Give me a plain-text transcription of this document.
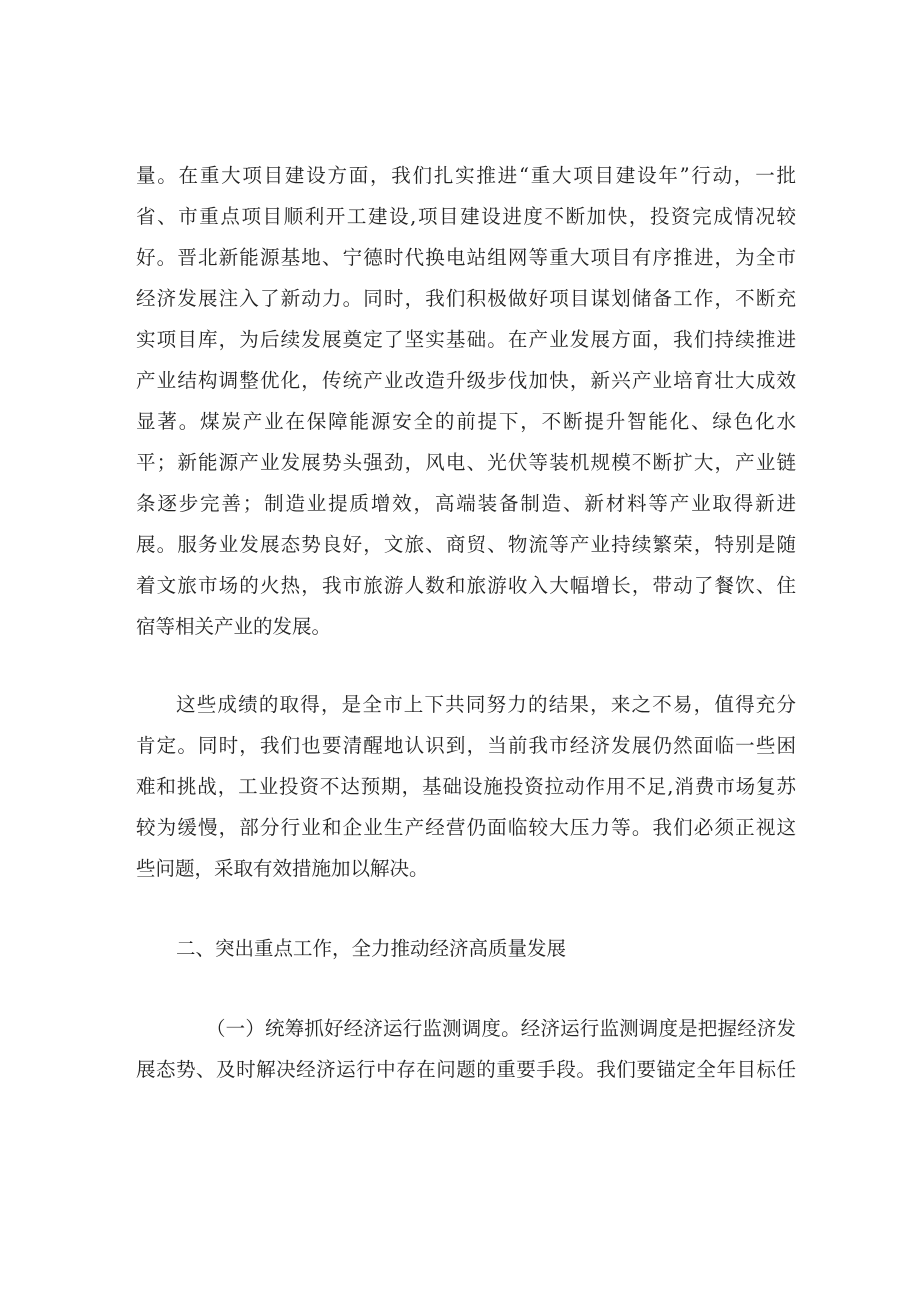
量。在重大项目建设方面，我们扎实推进“重大项目建设年”行动，一批
省、市重点项目顺利开工建设,项目建设进度不断加快，投资完成情况较
好。晋北新能源基地、宁德时代换电站组网等重大项目有序推进，为全市
经济发展注入了新动力。同时，我们积极做好项目谋划储备工作，不断充
实项目库，为后续发展奠定了坚实基础。在产业发展方面，我们持续推进
产业结构调整优化，传统产业改造升级步伐加快，新兴产业培育壮大成效
显著。煤炭产业在保障能源安全的前提下，不断提升智能化、绿色化水
平；新能源产业发展势头强劲，风电、光伏等装机规模不断扩大，产业链
条逐步完善；制造业提质增效，高端装备制造、新材料等产业取得新进
展。服务业发展态势良好，文旅、商贸、物流等产业持续繁荣，特别是随
着文旅市场的火热，我市旅游人数和旅游收入大幅增长，带动了餐饮、住
宿等相关产业的发展。
这些成绩的取得，是全市上下共同努力的结果，来之不易，值得充分
肯定。同时，我们也要清醒地认识到，当前我市经济发展仍然面临一些困
难和挑战，工业投资不达预期，基础设施投资拉动作用不足,消费市场复苏
较为缓慢，部分行业和企业生产经营仍面临较大压力等。我们必须正视这
些问题，采取有效措施加以解决。
二、突出重点工作，全力推动经济高质量发展
（一）统筹抓好经济运行监测调度。经济运行监测调度是把握经济发
展态势、及时解决经济运行中存在问题的重要手段。我们要锚定全年目标任
